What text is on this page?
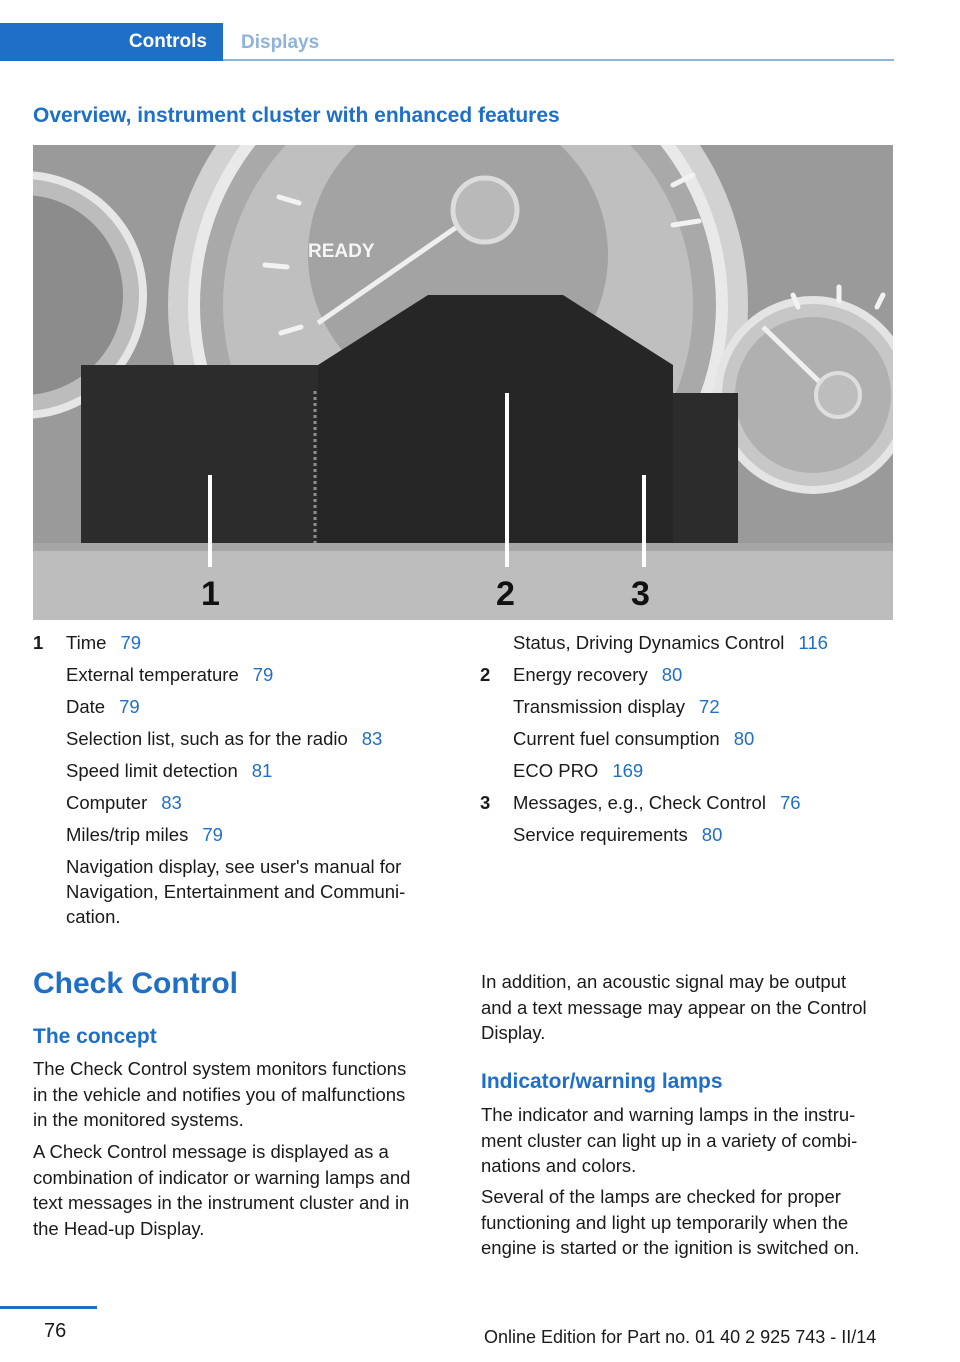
Controls Displays
Overview, instrument cluster with enhanced features
READY
1	2	3
1 Time 79
External temperature 79
Date 79
Selection list, such as for the radio 83
Speed limit detection 81
Computer 83
Miles/trip miles 79
Navigation display, see user's manual for
Navigation, Entertainment and Communi‐
cation.
Status, Driving Dynamics Control 116
2 Energy recovery 80
Transmission display 72
Current fuel consumption 80
ECO PRO 169
3 Messages, e.g., Check Control 76
Service requirements 80
Check Control
The concept
The Check Control system monitors functions
in the vehicle and notifies you of malfunctions
in the monitored systems.
A Check Control message is displayed as a
combination of indicator or warning lamps and
text messages in the instrument cluster and in
the Head-up Display.
In addition, an acoustic signal may be output
and a text message may appear on the Control
Display.
Indicator/warning lamps
The indicator and warning lamps in the instru‐
ment cluster can light up in a variety of combi‐
nations and colors.
Several of the lamps are checked for proper
functioning and light up temporarily when the
engine is started or the ignition is switched on.
76	Online Edition for Part no. 01 40 2 925 743 - II/14
